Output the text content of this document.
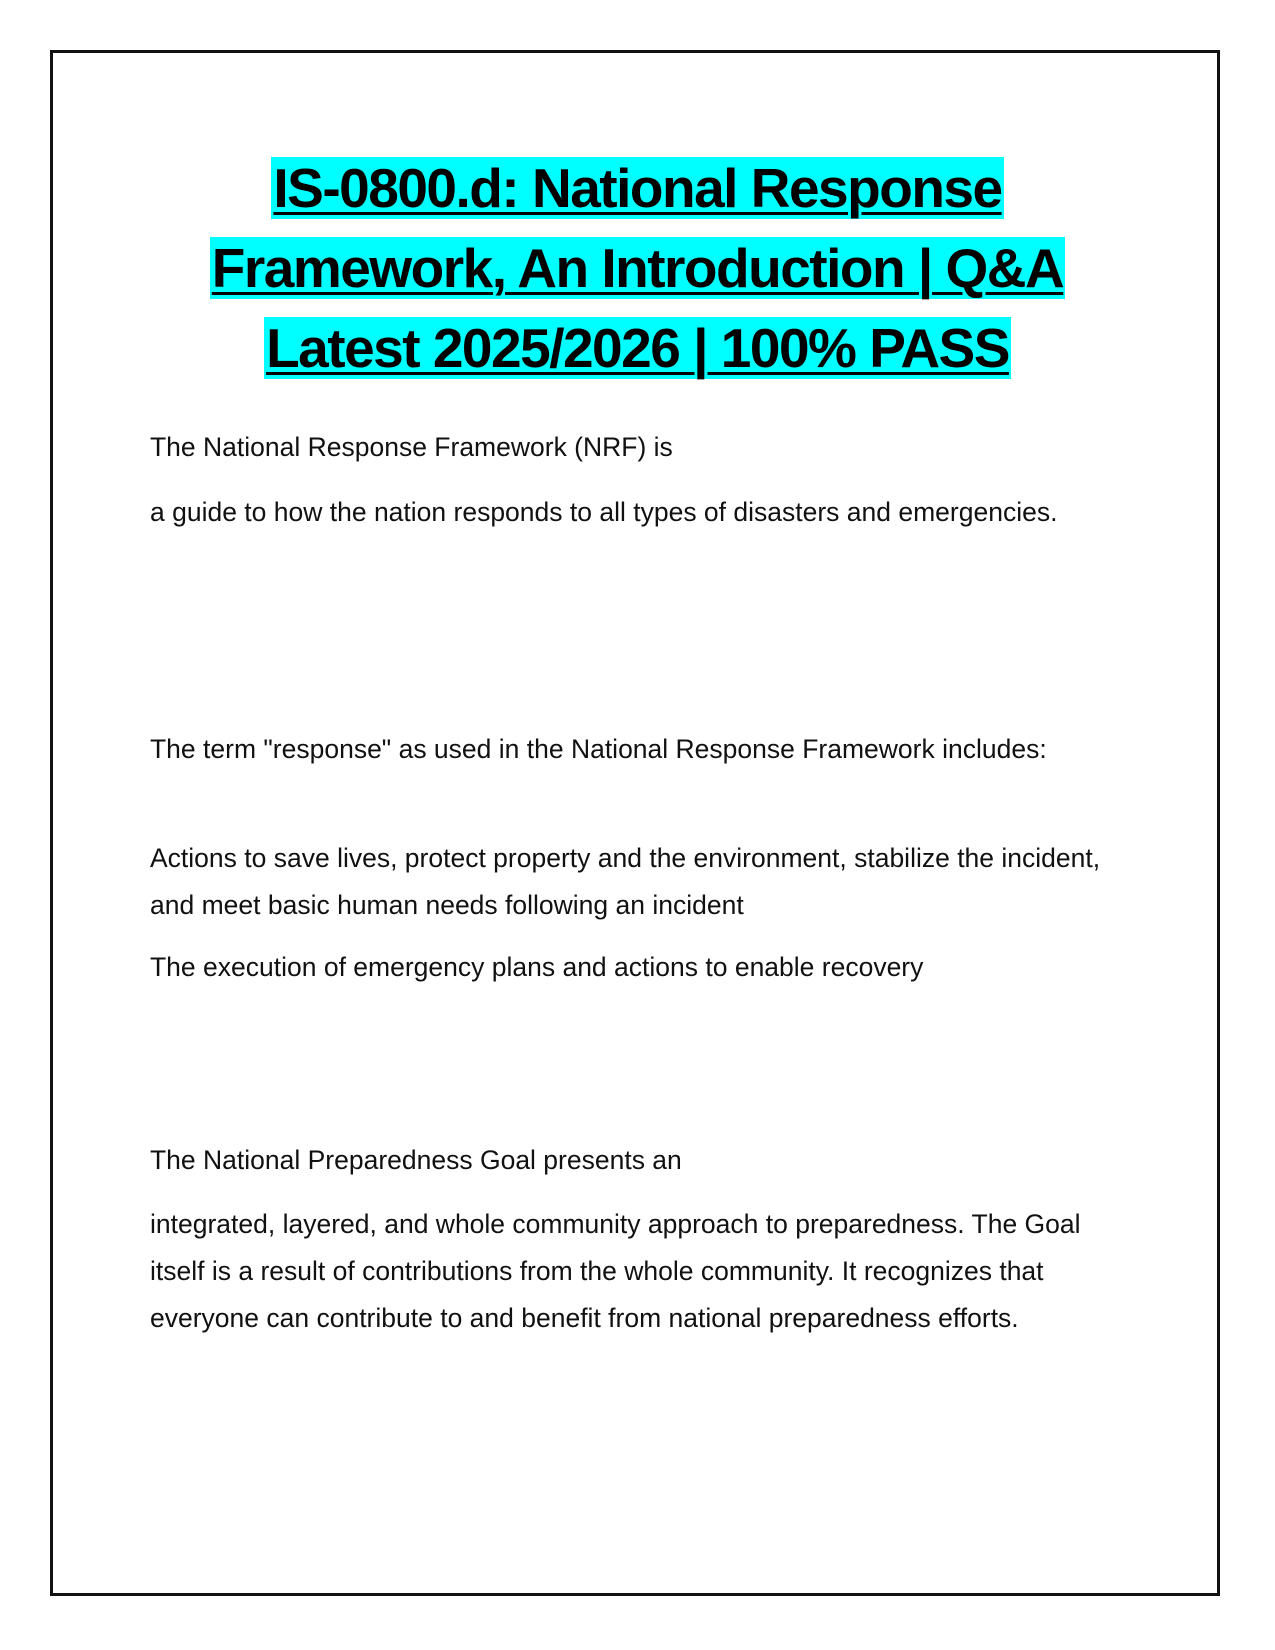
IS-0800.d: National Response
Framework, An Introduction | Q&A
Latest 2025/2026 | 100% PASS

The National Response Framework (NRF) is

a guide to how the nation responds to all types of disasters and emergencies.

The term "response" as used in the National Response Framework includes:

Actions to save lives, protect property and the environment, stabilize the incident, and meet basic human needs following an incident

The execution of emergency plans and actions to enable recovery

The National Preparedness Goal presents an

integrated, layered, and whole community approach to preparedness. The Goal itself is a result of contributions from the whole community. It recognizes that everyone can contribute to and benefit from national preparedness efforts.
